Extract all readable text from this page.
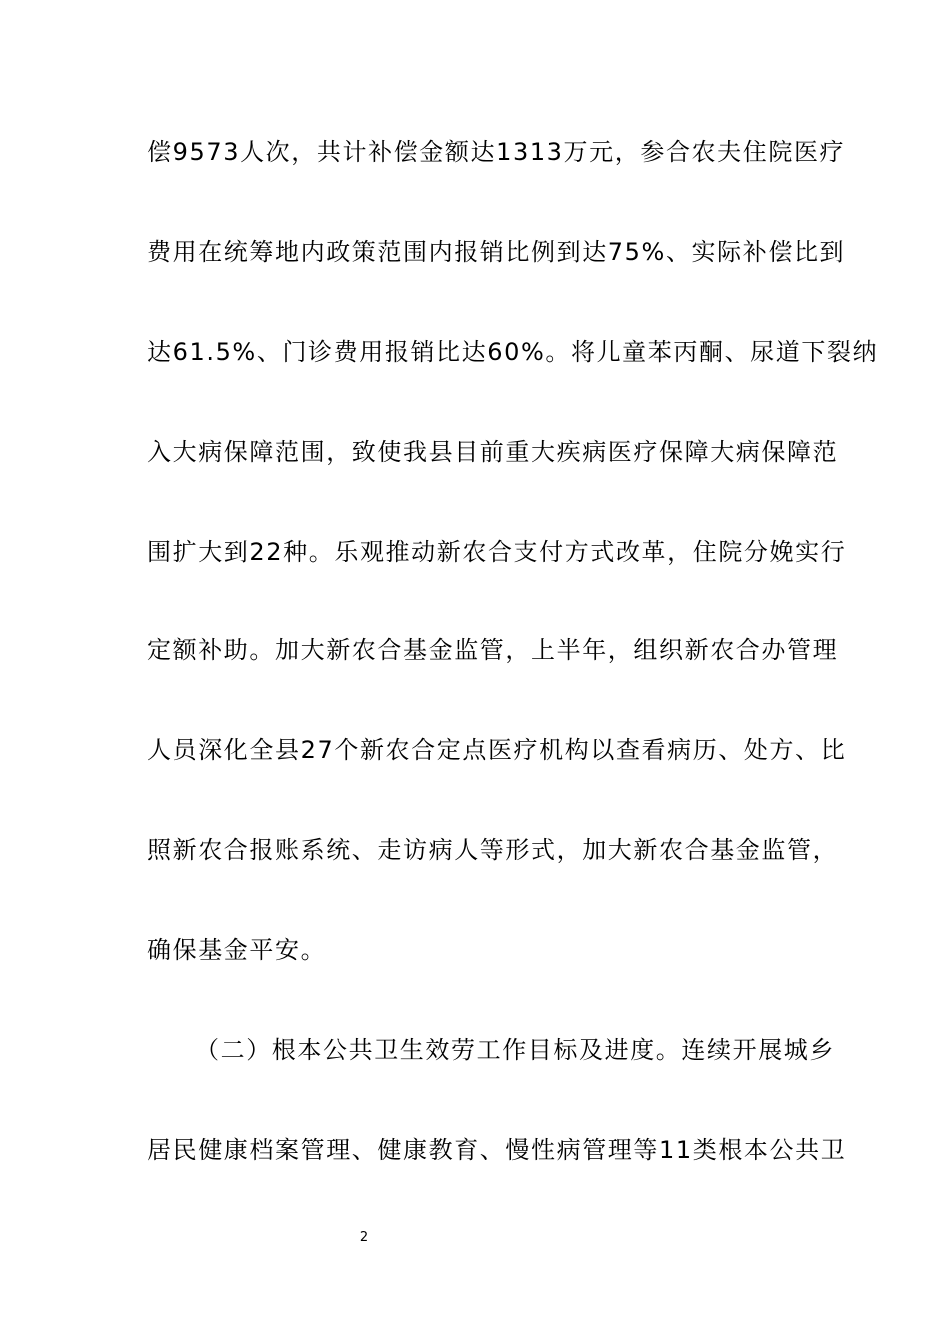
偿9573人次，共计补偿金额达1313万元，参合农夫住院医疗
费用在统筹地内政策范围内报销比例到达75%、实际补偿比到
达61.5%、门诊费用报销比达60%。将儿童苯丙酮、尿道下裂纳
入大病保障范围，致使我县目前重大疾病医疗保障大病保障范
围扩大到22种。乐观推动新农合支付方式改革，住院分娩实行
定额补助。加大新农合基金监管，上半年，组织新农合办管理
人员深化全县27个新农合定点医疗机构以查看病历、处方、比
照新农合报账系统、走访病人等形式，加大新农合基金监管，
确保基金平安。
（二）根本公共卫生效劳工作目标及进度。连续开展城乡
居民健康档案管理、健康教育、慢性病管理等11类根本公共卫
2
